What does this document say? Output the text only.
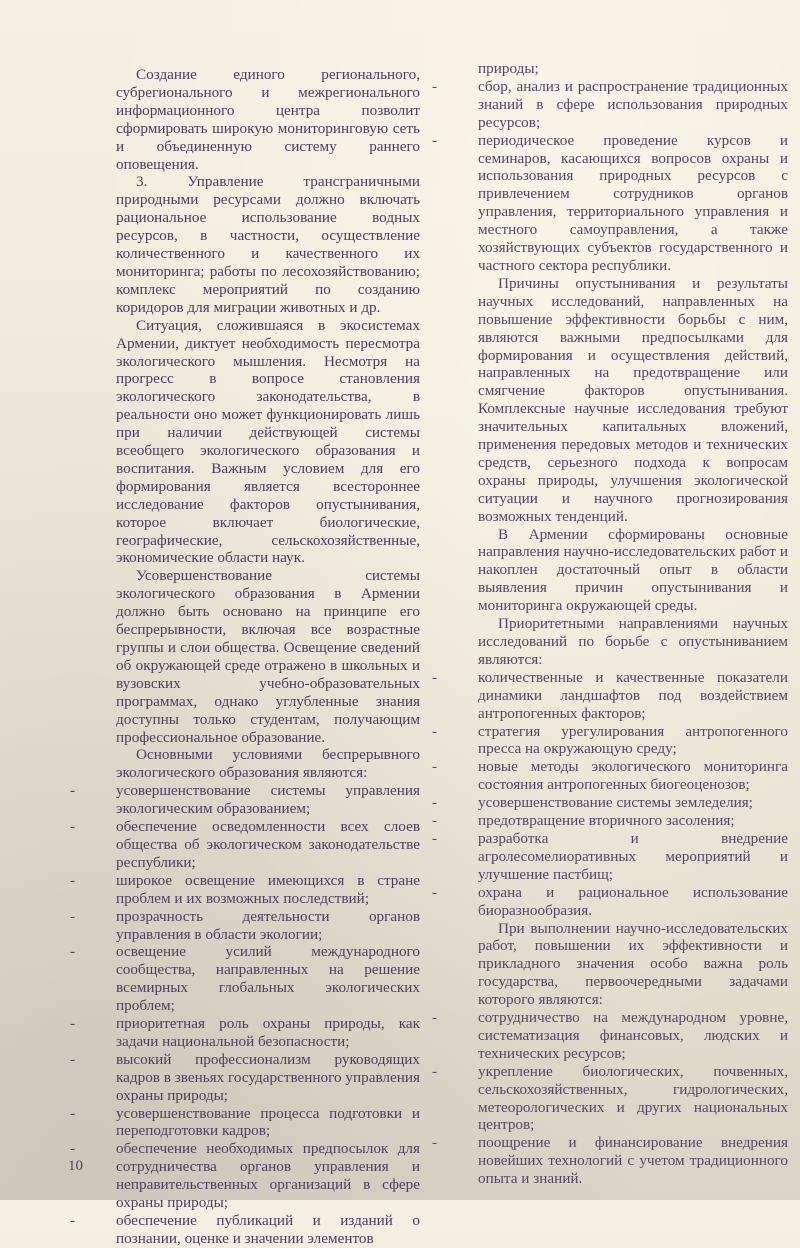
Создание единого регионального, субрегионального и межрегионального информационного центра позволит сформировать широкую мониторинговую сеть и объединенную систему раннего оповещения.

3. Управление трансграничными природными ресурсами должно включать рациональное использование водных ресурсов, в частности, осуществление количественного и качественного их мониторинга; работы по лесохозяйствованию; комплекс мероприятий по созданию коридоров для миграции животных и др.

Ситуация, сложившаяся в экосистемах Армении, диктует необходимость пересмотра экологического мышления. Несмотря на прогресс в вопросе становления экологического законодательства, в реальности оно может функционировать лишь при наличии действующей системы всеобщего экологического образования и воспитания. Важным условием для его формирования является всестороннее исследование факторов опустынивания, которое включает биологические, географические, сельскохозяйственные, экономические области наук.

Усовершенствование системы экологического образования в Армении должно быть основано на принципе его беспрерывности, включая все возрастные группы и слои общества. Освещение сведений об окружающей среде отражено в школьных и вузовских учебно-образовательных программах, однако углубленные знания доступны только студентам, получающим профессиональное образование.

Основными условиями беспрерывного экологического образования являются:

- усовершенствование системы управления экологическим образованием;
- обеспечение осведомленности всех слоев общества об экологическом законодательстве республики;
- широкое освещение имеющихся в стране проблем и их возможных последствий;
- прозрачность деятельности органов управления в области экологии;
- освещение усилий международного сообщества, направленных на решение всемирных глобальных экологических проблем;
- приоритетная роль охраны природы, как задачи национальной безопасности;
- высокий профессионализм руководящих кадров в звеньях государственного управления охраны природы;
- усовершенствование процесса подготовки и переподготовки кадров;
- обеспечение необходимых предпосылок для сотрудничества органов управления и неправительственных организаций в сфере охраны природы;
- обеспечение публикаций и изданий о познании, оценке и значении элементов

природы;

- сбор, анализ и распространение традиционных знаний в сфере использования природных ресурсов;
- периодическое проведение курсов и семинаров, касающихся вопросов охраны и использования природных ресурсов с привлечением сотрудников органов управления, территориального управления и местного самоуправления, а также хозяйствующих субъектов государственного и частного сектора республики.

Причины опустынивания и результаты научных исследований, направленных на повышение эффективности борьбы с ним, являются важными предпосылками для формирования и осуществления действий, направленных на предотвращение или смягчение факторов опустынивания. Комплексные научные исследования требуют значительных капитальных вложений, применения передовых методов и технических средств, серьезного подхода к вопросам охраны природы, улучшения экологической ситуации и научного прогнозирования возможных тенденций.

В Армении сформированы основные направления научно-исследовательских работ и накоплен достаточный опыт в области выявления причин опустынивания и мониторинга окружающей среды.

Приоритетными направлениями научных исследований по борьбе с опустыниванием являются:

- количественные и качественные показатели динамики ландшафтов под воздействием антропогенных факторов;
- стратегия урегулирования антропогенного пресса на окружающую среду;
- новые методы экологического мониторинга состояния антропогенных биогеоценозов;
- усовершенствование системы земледелия;
- предотвращение вторичного засоления;
- разработка и внедрение агролесомелиоративных мероприятий и улучшение пастбищ;
- охрана и рациональное использование биоразнообразия.

При выполнении научно-исследовательских работ, повышении их эффективности и прикладного значения особо важна роль государства, первоочередными задачами которого являются:

- сотрудничество на международном уровне, систематизация финансовых, людских и технических ресурсов;
- укрепление биологических, почвенных, сельскохозяйственных, гидрологических, метеорологических и других национальных центров;
- поощрение и финансирование внедрения новейших технологий с учетом традиционного опыта и знаний.
10
